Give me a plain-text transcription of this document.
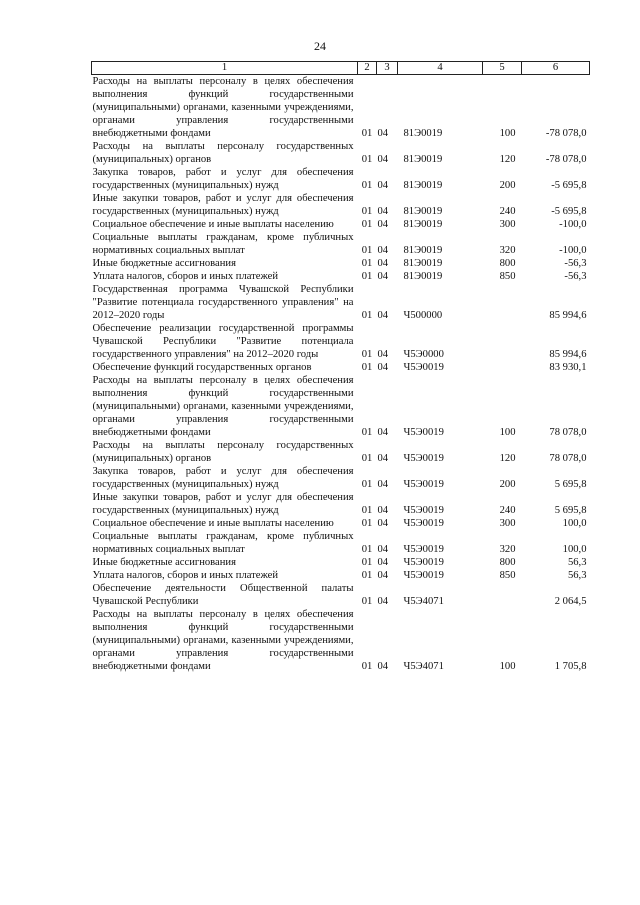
24
1	2	3	4	5	6
Расходы на выплаты персоналу в целях обеспечения выполнения функций государственными (муниципальными) органами, казенными учреждениями, органами управления государственными внебюджетными фондами	01	04	81Э0019	100	-78 078,0
Расходы на выплаты персоналу государственных (муниципальных) органов	01	04	81Э0019	120	-78 078,0
Закупка товаров, работ и услуг для обеспечения государственных (муниципальных) нужд	01	04	81Э0019	200	-5 695,8
Иные закупки товаров, работ и услуг для обеспечения государственных (муниципальных) нужд	01	04	81Э0019	240	-5 695,8
Социальное обеспечение и иные выплаты населению	01	04	81Э0019	300	-100,0
Социальные выплаты гражданам, кроме публичных нормативных социальных выплат	01	04	81Э0019	320	-100,0
Иные бюджетные ассигнования	01	04	81Э0019	800	-56,3
Уплата налогов, сборов и иных платежей	01	04	81Э0019	850	-56,3
Государственная программа Чувашской Республики "Развитие потенциала государственного управления" на 2012–2020 годы	01	04	Ч500000		85 994,6
Обеспечение реализации государственной программы Чувашской Республики "Развитие потенциала государственного управления" на 2012–2020 годы	01	04	Ч5Э0000		85 994,6
Обеспечение функций государственных органов	01	04	Ч5Э0019		83 930,1
Расходы на выплаты персоналу в целях обеспечения выполнения функций государственными (муниципальными) органами, казенными учреждениями, органами управления государственными внебюджетными фондами	01	04	Ч5Э0019	100	78 078,0
Расходы на выплаты персоналу государственных (муниципальных) органов	01	04	Ч5Э0019	120	78 078,0
Закупка товаров, работ и услуг для обеспечения государственных (муниципальных) нужд	01	04	Ч5Э0019	200	5 695,8
Иные закупки товаров, работ и услуг для обеспечения государственных (муниципальных) нужд	01	04	Ч5Э0019	240	5 695,8
Социальное обеспечение и иные выплаты населению	01	04	Ч5Э0019	300	100,0
Социальные выплаты гражданам, кроме публичных нормативных социальных выплат	01	04	Ч5Э0019	320	100,0
Иные бюджетные ассигнования	01	04	Ч5Э0019	800	56,3
Уплата налогов, сборов и иных платежей	01	04	Ч5Э0019	850	56,3
Обеспечение деятельности Общественной палаты Чувашской Республики	01	04	Ч5Э4071		2 064,5
Расходы на выплаты персоналу в целях обеспечения выполнения функций государственными (муниципальными) органами, казенными учреждениями, органами управления государственными внебюджетными фондами	01	04	Ч5Э4071	100	1 705,8
